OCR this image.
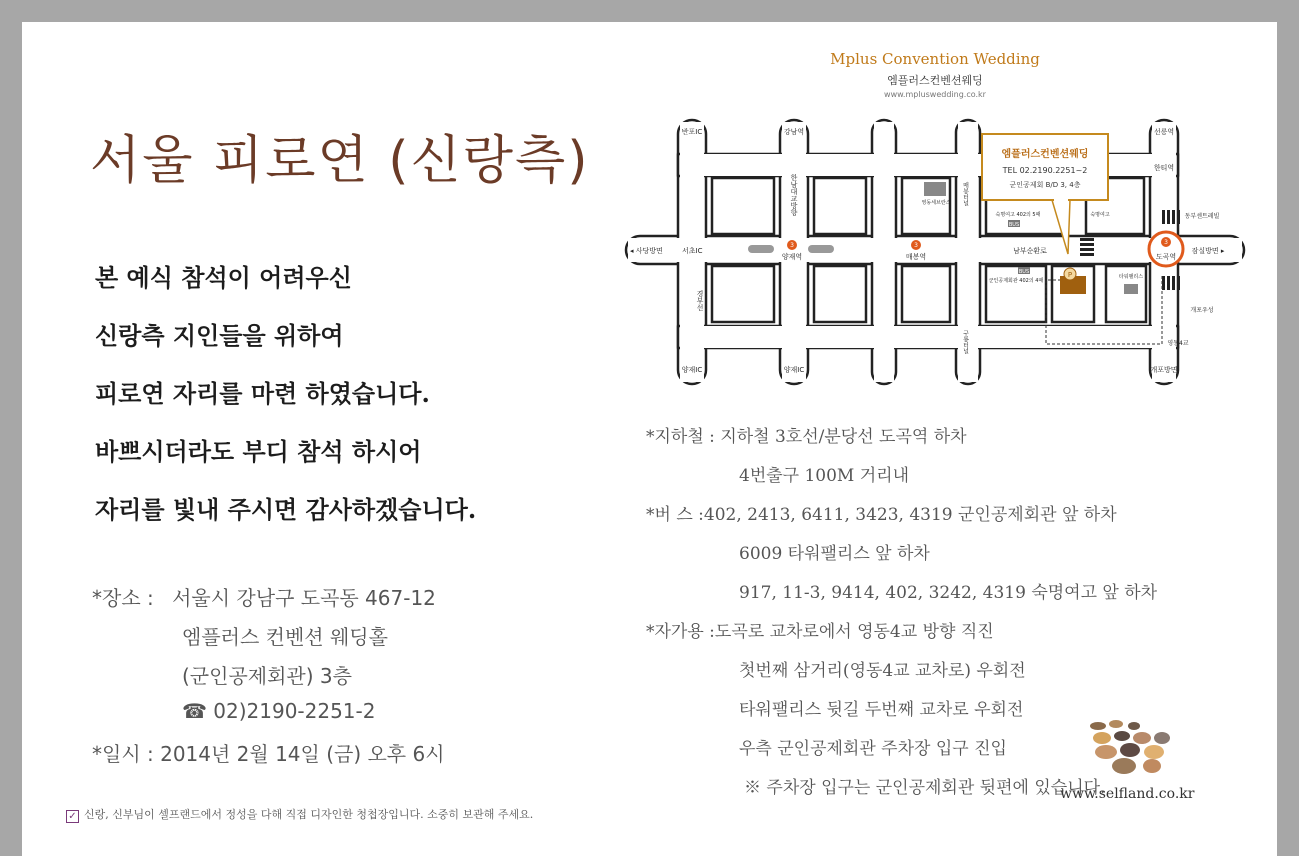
서울 피로연 (신랑측)
본 예식 참석이 어려우신
신랑측 지인들을 위하여
피로연 자리를 마련 하였습니다.
바쁘시더라도 부디 참석 하시어
자리를 빛내 주시면 감사하겠습니다.
*장소 : 서울시 강남구 도곡동 467-12
엠플러스 컨벤션 웨딩홀
(군인공제회관) 3층
☎ 02)2190-2251-2
*일시 : 2014년 2월 14일 (금) 오후 6시
✓ 신랑, 신부님이 셀프랜드에서 정성을 다해 직접 디자인한 청첩장입니다. 소중히 보관해 주세요.
Mplus Convention Wedding
엠플러스컨벤션웨딩
www.mpluswedding.co.kr
3	3	3
P
BUS
BUS
엠플러스컨벤션웨딩
TEL 02.2190.2251~2
군인공제회 B/D 3, 4층
반포IC	강남역	선릉역
한티역
◂ 사당방면	서초IC
양재역	매봉역
남부순환로
도곡역
잠실방면 ▸
양재IC	양재IC	개포방면
개포우성
동부센트레빌
영동세브란스
숙명여고 402의 5때	숙명여고
군인공제회관 402의 4때
타워팰리스
영동4교
한남대교방향
경부선
매봉터널
구룡터널
*지하철 : 지하철 3호선/분당선 도곡역 하차
4번출구 100M 거리내
*버 스 :402, 2413, 6411, 3423, 4319 군인공제회관 앞 하차
6009 타워팰리스 앞 하차
917, 11-3, 9414, 402, 3242, 4319 숙명여고 앞 하차
*자가용 :도곡로 교차로에서 영동4교 방향 직진
첫번째 삼거리(영동4교 교차로) 우회전
타워팰리스 뒷길 두번째 교차로 우회전
우측 군인공제회관 주차장 입구 진입
※ 주차장 입구는 군인공제회관 뒷편에 있습니다.
www.selfland.co.kr
